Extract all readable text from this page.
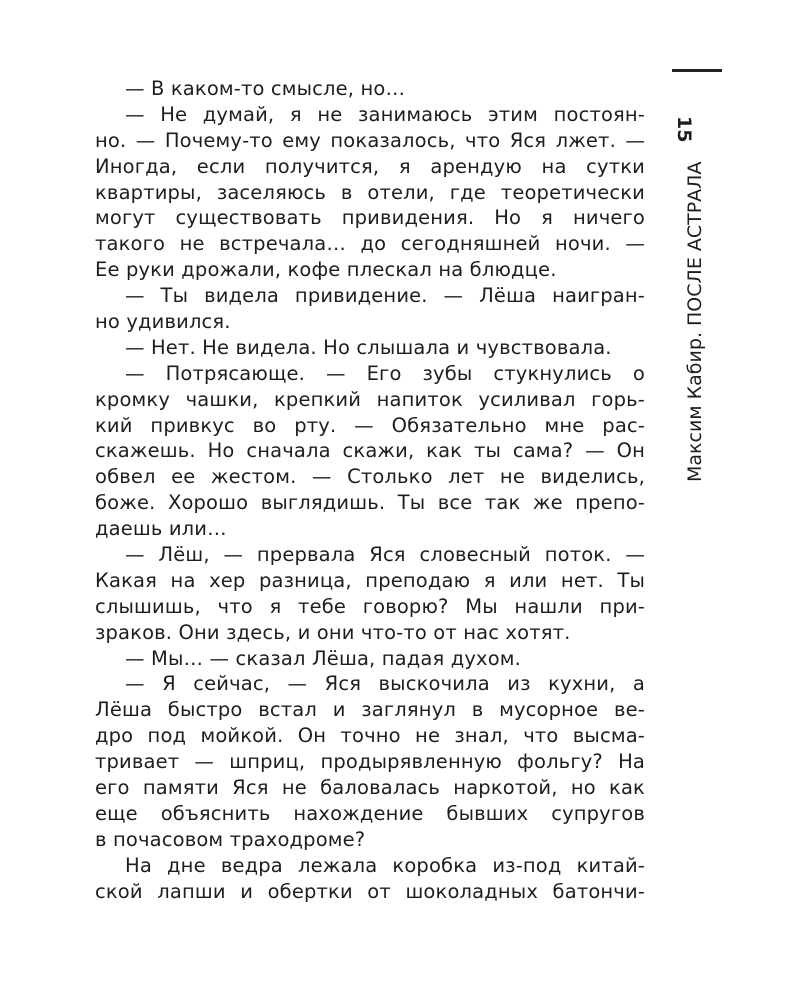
— В каком-то смысле, но…
— Не думай, я не занимаюсь этим постоян-
но. — Почему-то ему показалось, что Яся лжет. —
Иногда, если получится, я арендую на сутки
квартиры, заселяюсь в отели, где теоретически
могут существовать привидения. Но я ничего
такого не встречала… до сегодняшней ночи. —
Ее руки дрожали, кофе плескал на блюдце.
— Ты видела привидение. — Лёша наигран-
но удивился.
— Нет. Не видела. Но слышала и чувствовала.
— Потрясающе. — Его зубы стукнулись о
кромку чашки, крепкий напиток усиливал горь-
кий привкус во рту. — Обязательно мне рас-
скажешь. Но сначала скажи, как ты сама? — Он
обвел ее жестом. — Столько лет не виделись,
боже. Хорошо выглядишь. Ты все так же препо-
даешь или…
— Лёш, — прервала Яся словесный поток. —
Какая на хер разница, преподаю я или нет. Ты
слышишь, что я тебе говорю? Мы нашли при-
зраков. Они здесь, и они что-то от нас хотят.
— Мы… — сказал Лёша, падая духом.
— Я сейчас, — Яся выскочила из кухни, а
Лёша быстро встал и заглянул в мусорное ве-
дро под мойкой. Он точно не знал, что высма-
тривает — шприц, продырявленную фольгу? На
его памяти Яся не баловалась наркотой, но как
еще объяснить нахождение бывших супругов
в почасовом траходроме?
На дне ведра лежала коробка из-под китай-
ской лапши и обертки от шоколадных батончи-
15
Максим Кабир. ПОСЛЕ АСТРАЛА
